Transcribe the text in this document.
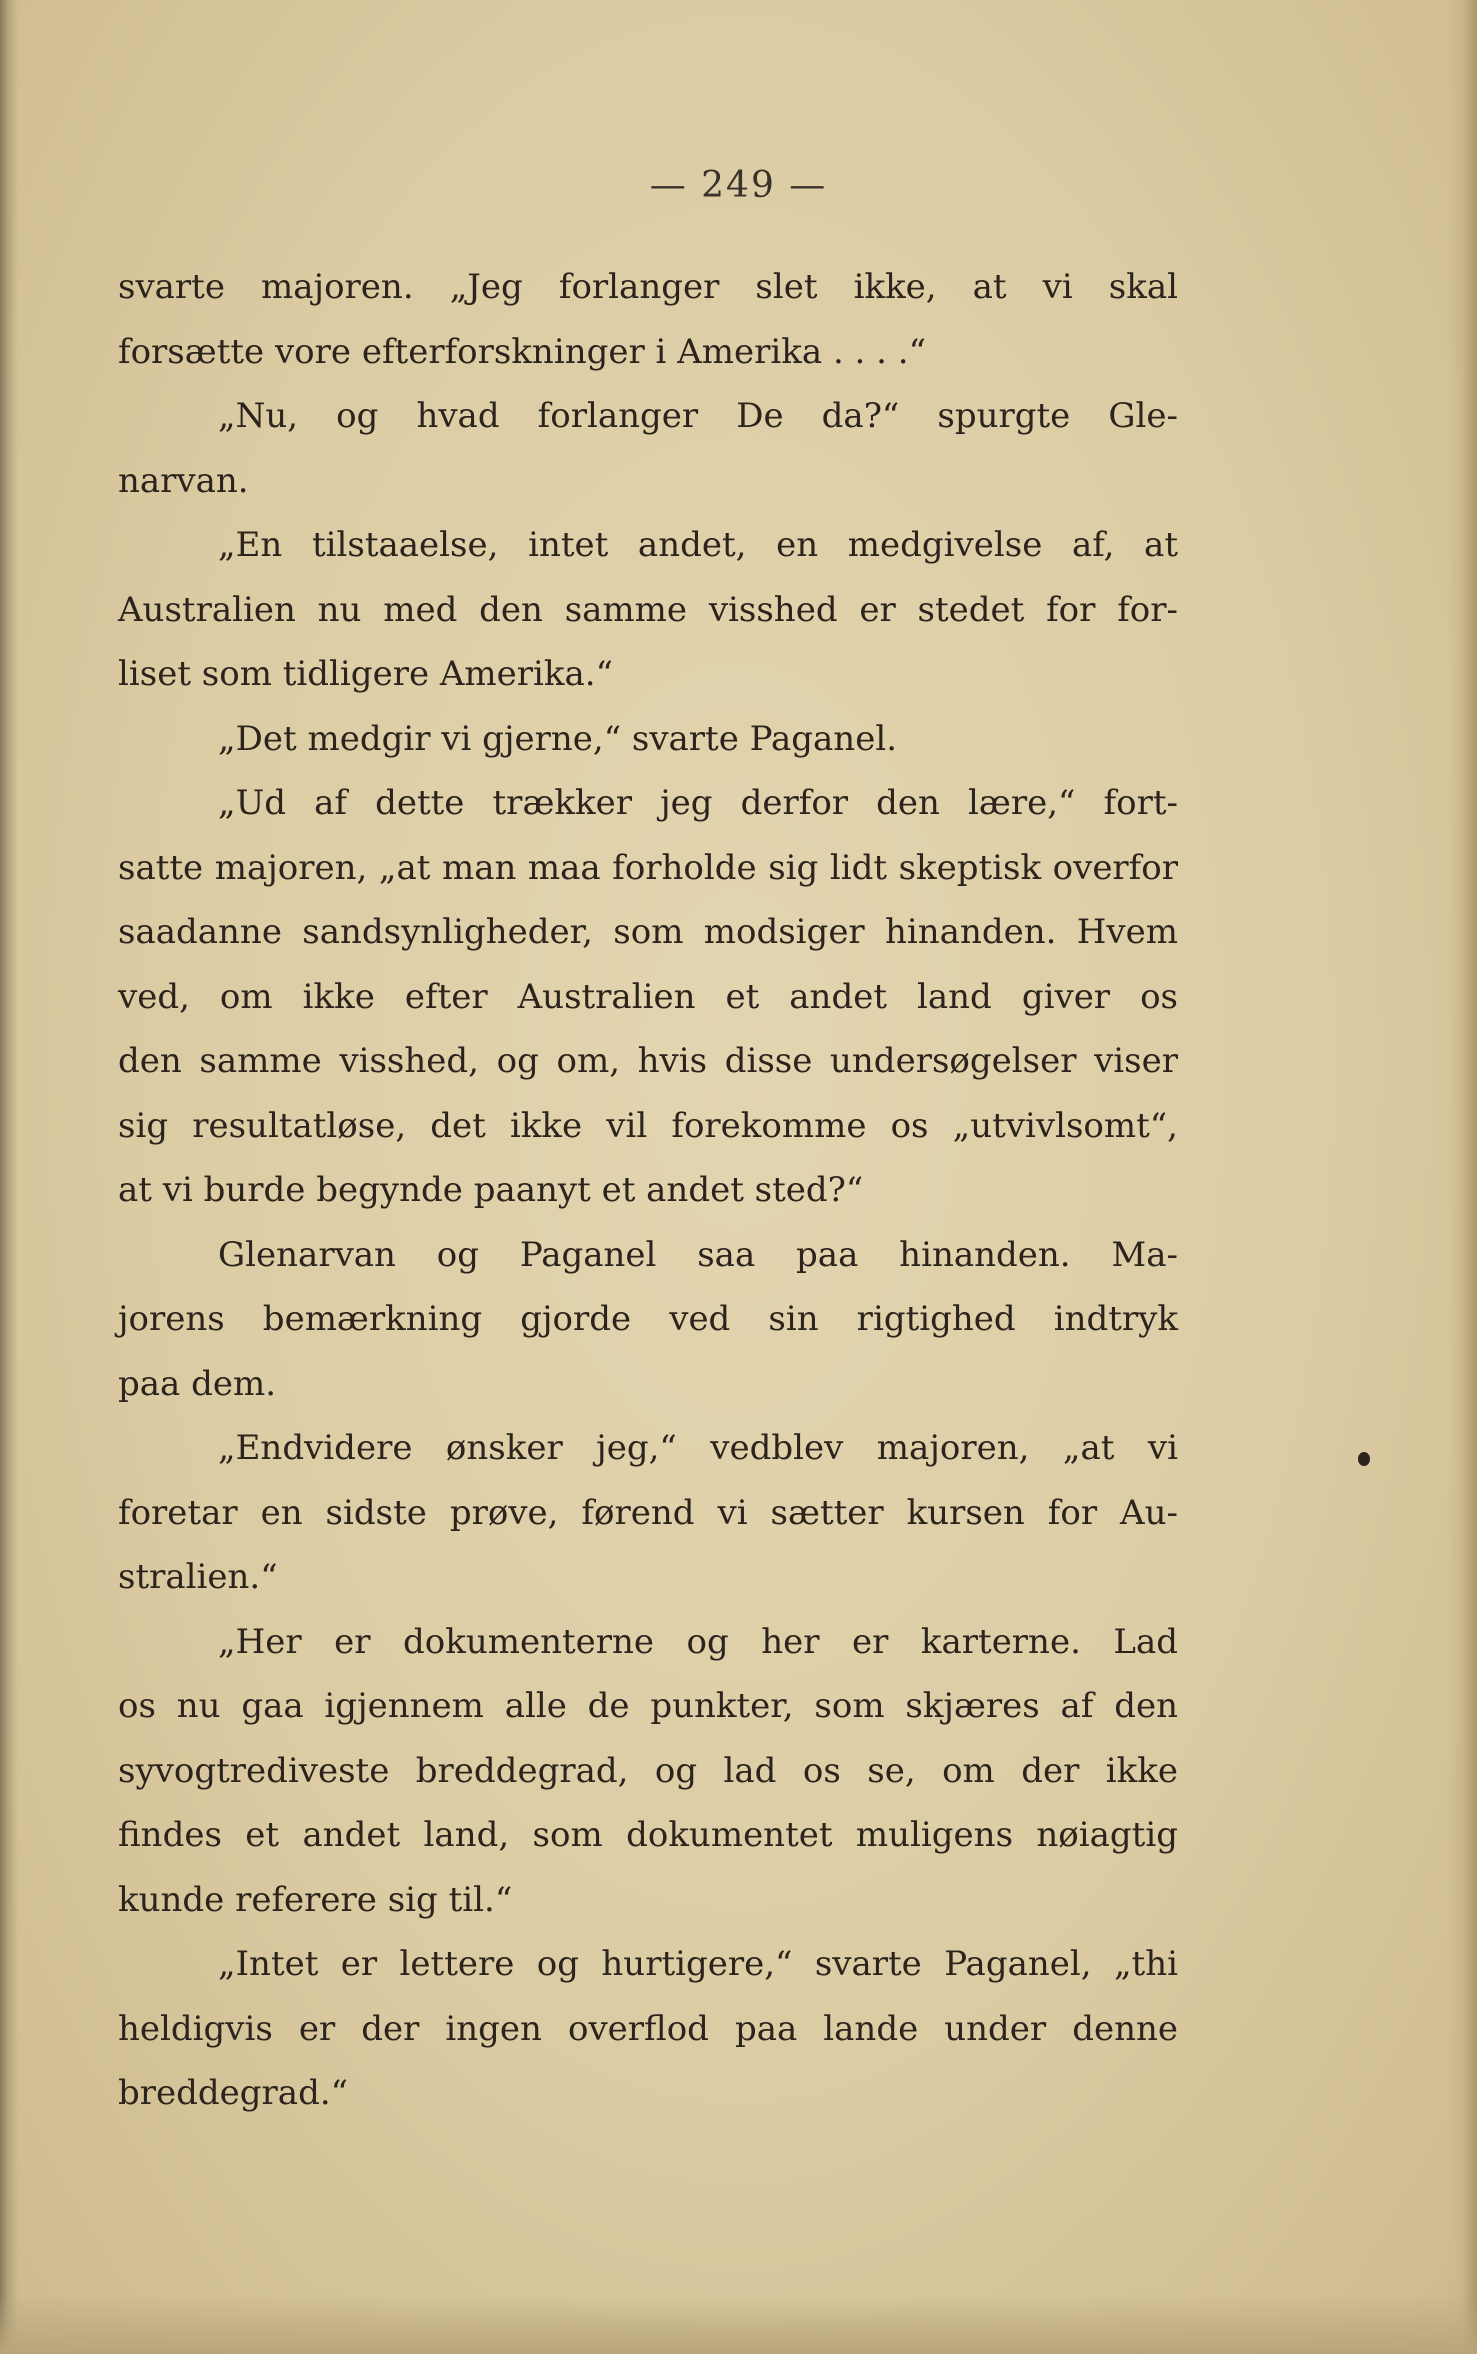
— 249 —
svarte majoren. „Jeg forlanger slet ikke, at vi skal
forsætte vore efterforskninger i Amerika . . . .“
„Nu, og hvad forlanger De da?“ spurgte Gle-
narvan.
„En tilstaaelse, intet andet, en medgivelse af, at
Australien nu med den samme visshed er stedet for for-
liset som tidligere Amerika.“
„Det medgir vi gjerne,“ svarte Paganel.
„Ud af dette trækker jeg derfor den lære,“ fort-
satte majoren, „at man maa forholde sig lidt skeptisk overfor
saadanne sandsynligheder, som modsiger hinanden. Hvem
ved, om ikke efter Australien et andet land giver os
den samme visshed, og om, hvis disse undersøgelser viser
sig resultatløse, det ikke vil forekomme os „utvivlsomt“,
at vi burde begynde paanyt et andet sted?“
Glenarvan og Paganel saa paa hinanden. Ma-
jorens bemærkning gjorde ved sin rigtighed indtryk
paa dem.
„Endvidere ønsker jeg,“ vedblev majoren, „at vi
foretar en sidste prøve, førend vi sætter kursen for Au-
stralien.“
„Her er dokumenterne og her er karterne. Lad
os nu gaa igjennem alle de punkter, som skjæres af den
syvogtrediveste breddegrad, og lad os se, om der ikke
findes et andet land, som dokumentet muligens nøiagtig
kunde referere sig til.“
„Intet er lettere og hurtigere,“ svarte Paganel, „thi
heldigvis er der ingen overflod paa lande under denne
breddegrad.“
